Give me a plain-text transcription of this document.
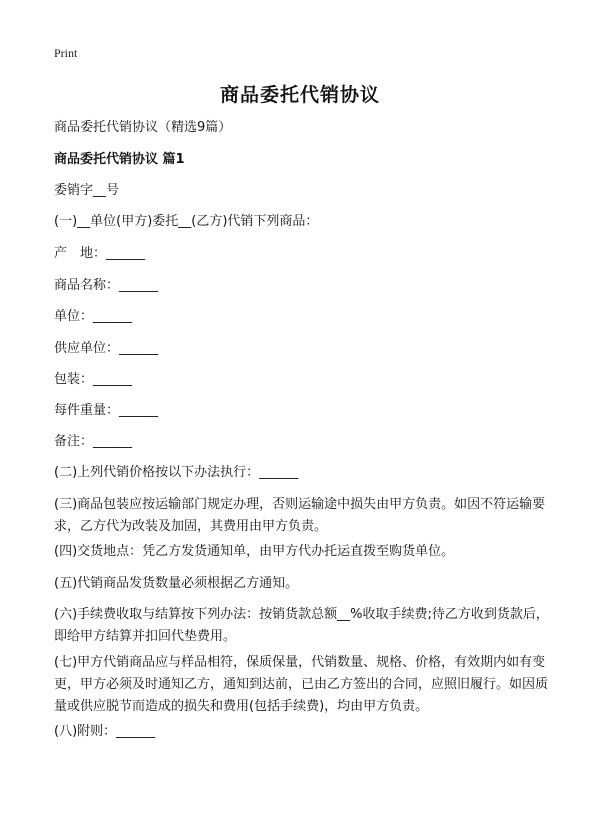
Print
商品委托代销协议
商品委托代销协议（精选9篇）
商品委托代销协议 篇1
委销字__号
(一)__单位(甲方)委托__(乙方)代销下列商品：
产　地：______
商品名称：______
单位：______
供应单位：______
包装：______
每件重量：______
备注：______
(二)上列代销价格按以下办法执行：______
(三)商品包装应按运输部门规定办理，否则运输途中损失由甲方负责。如因不符运输要求，乙方代为改装及加固，其费用由甲方负责。
(四)交货地点：凭乙方发货通知单，由甲方代办托运直拨至购货单位。
(五)代销商品发货数量必须根据乙方通知。
(六)手续费收取与结算按下列办法：按销货款总额__%收取手续费;待乙方收到货款后，即给甲方结算并扣回代垫费用。
(七)甲方代销商品应与样品相符，保质保量，代销数量、规格、价格，有效期内如有变更，甲方必须及时通知乙方，通知到达前，已由乙方签出的合同，应照旧履行。如因质量或供应脱节而造成的损失和费用(包括手续费)，均由甲方负责。
(八)附则：______
